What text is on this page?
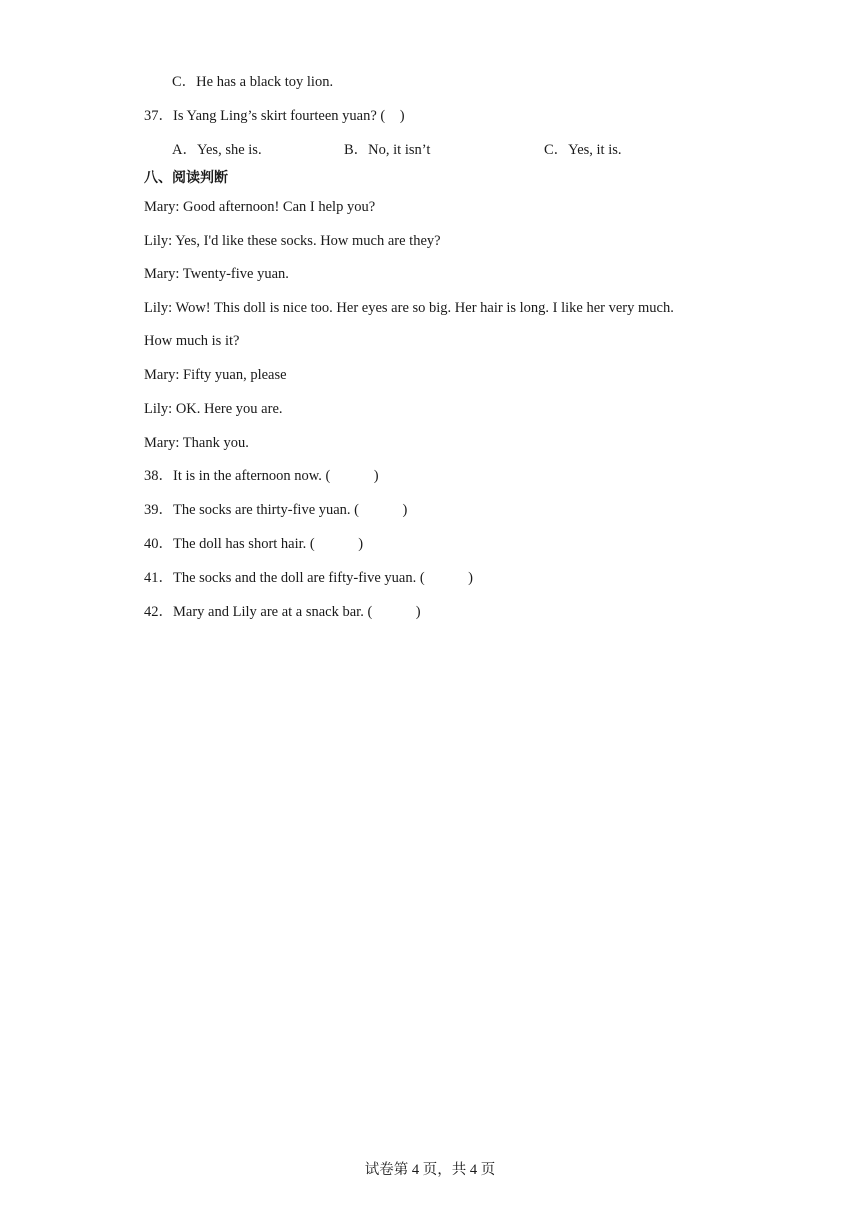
C．He has a black toy lion.
37．Is Yang Ling’s skirt fourteen yuan? (　)
A．Yes, she is.	B．No, it isn’t	C．Yes, it is.
八、阅读判断
Mary: Good afternoon! Can I help you?
Lily: Yes, I'd like these socks. How much are they?
Mary: Twenty-five yuan.
Lily: Wow! This doll is nice too. Her eyes are so big. Her hair is long. I like her very much.
How much is it?
Mary: Fifty yuan, please
Lily: OK. Here you are.
Mary: Thank you.
38．It is in the afternoon now. (　　　)
39．The socks are thirty-five yuan. (　　　)
40．The doll has short hair. (　　　)
41．The socks and the doll are fifty-five yuan. (　　　)
42．Mary and Lily are at a snack bar. (　　　)
试卷第 4 页，共 4 页
